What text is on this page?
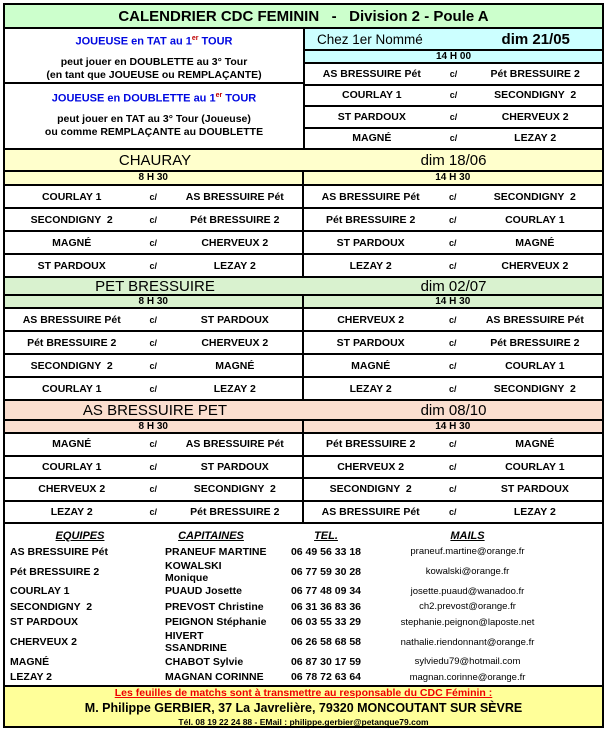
CALENDRIER CDC FEMININ   -   Division 2 - Poule A
JOUEUSE en TAT au 1er TOUR
peut jouer en DOUBLETTE au 3° Tour
(en tant que JOUEUSE ou REMPLAÇANTE)
JOUEUSE en DOUBLETTE au 1er TOUR
peut jouer en TAT au 3° Tour (Joueuse)
ou comme REMPLAÇANTE au DOUBLETTE
Chez 1er Nommé	dim 21/05
14 H 00
AS BRESSUIRE Pét	c/	Pét BRESSUIRE 2
COURLAY 1	c/	SECONDIGNY  2
ST PARDOUX	c/	CHERVEUX 2
MAGNÉ	c/	LEZAY 2
CHAURAY	dim 18/06
8 H 30	14 H 30
COURLAY 1	c/	AS BRESSUIRE Pét	AS BRESSUIRE Pét	c/	SECONDIGNY  2
SECONDIGNY  2	c/	Pét BRESSUIRE 2	Pét BRESSUIRE 2	c/	COURLAY 1
MAGNÉ	c/	CHERVEUX 2	ST PARDOUX	c/	MAGNÉ
ST PARDOUX	c/	LEZAY 2	LEZAY 2	c/	CHERVEUX 2
PET BRESSUIRE	dim 02/07
8 H 30	14 H 30
AS BRESSUIRE Pét	c/	ST PARDOUX	CHERVEUX 2	c/	AS BRESSUIRE Pét
Pét BRESSUIRE 2	c/	CHERVEUX 2	ST PARDOUX	c/	Pét BRESSUIRE 2
SECONDIGNY  2	c/	MAGNÉ	MAGNÉ	c/	COURLAY 1
COURLAY 1	c/	LEZAY 2	LEZAY 2	c/	SECONDIGNY  2
AS BRESSUIRE PET	dim 08/10
8 H 30	14 H 30
MAGNÉ	c/	AS BRESSUIRE Pét	Pét BRESSUIRE 2	c/	MAGNÉ
COURLAY 1	c/	ST PARDOUX	CHERVEUX 2	c/	COURLAY 1
CHERVEUX 2	c/	SECONDIGNY  2	SECONDIGNY  2	c/	ST PARDOUX
LEZAY 2	c/	Pét BRESSUIRE 2	AS BRESSUIRE Pét	c/	LEZAY 2
EQUIPES	CAPITAINES	TEL.	MAILS
AS BRESSUIRE Pét	PRANEUF MARTINE	06 49 56 33 18	praneuf.martine@orange.fr
Pét BRESSUIRE 2	KOWALSKI Monique	06 77 59 30 28	kowalski@orange.fr
COURLAY 1	PUAUD Josette	06 77 48 09 34	josette.puaud@wanadoo.fr
SECONDIGNY  2	PREVOST Christine	06 31 36 83 36	ch2.prevost@orange.fr
ST PARDOUX	PEIGNON Stéphanie	06 03 55 33 29	stephanie.peignon@laposte.net
CHERVEUX 2	HIVERT SSANDRINE	06 26 58 68 58	nathalie.riendonnant@orange.fr
MAGNÉ	CHABOT Sylvie	06 87 30 17 59	sylviedu79@hotmail.com
LEZAY 2	MAGNAN CORINNE	06 78 72 63 64	magnan.corinne@orange.fr
Les feuilles de matchs sont à transmettre au responsable du CDC Féminin :
M. Philippe GERBIER, 37 La Javrelière, 79320 MONCOUTANT SUR SÈVRE
Tél. 08 19 22 24 88 - EMail : philippe.gerbier@petanque79.com
